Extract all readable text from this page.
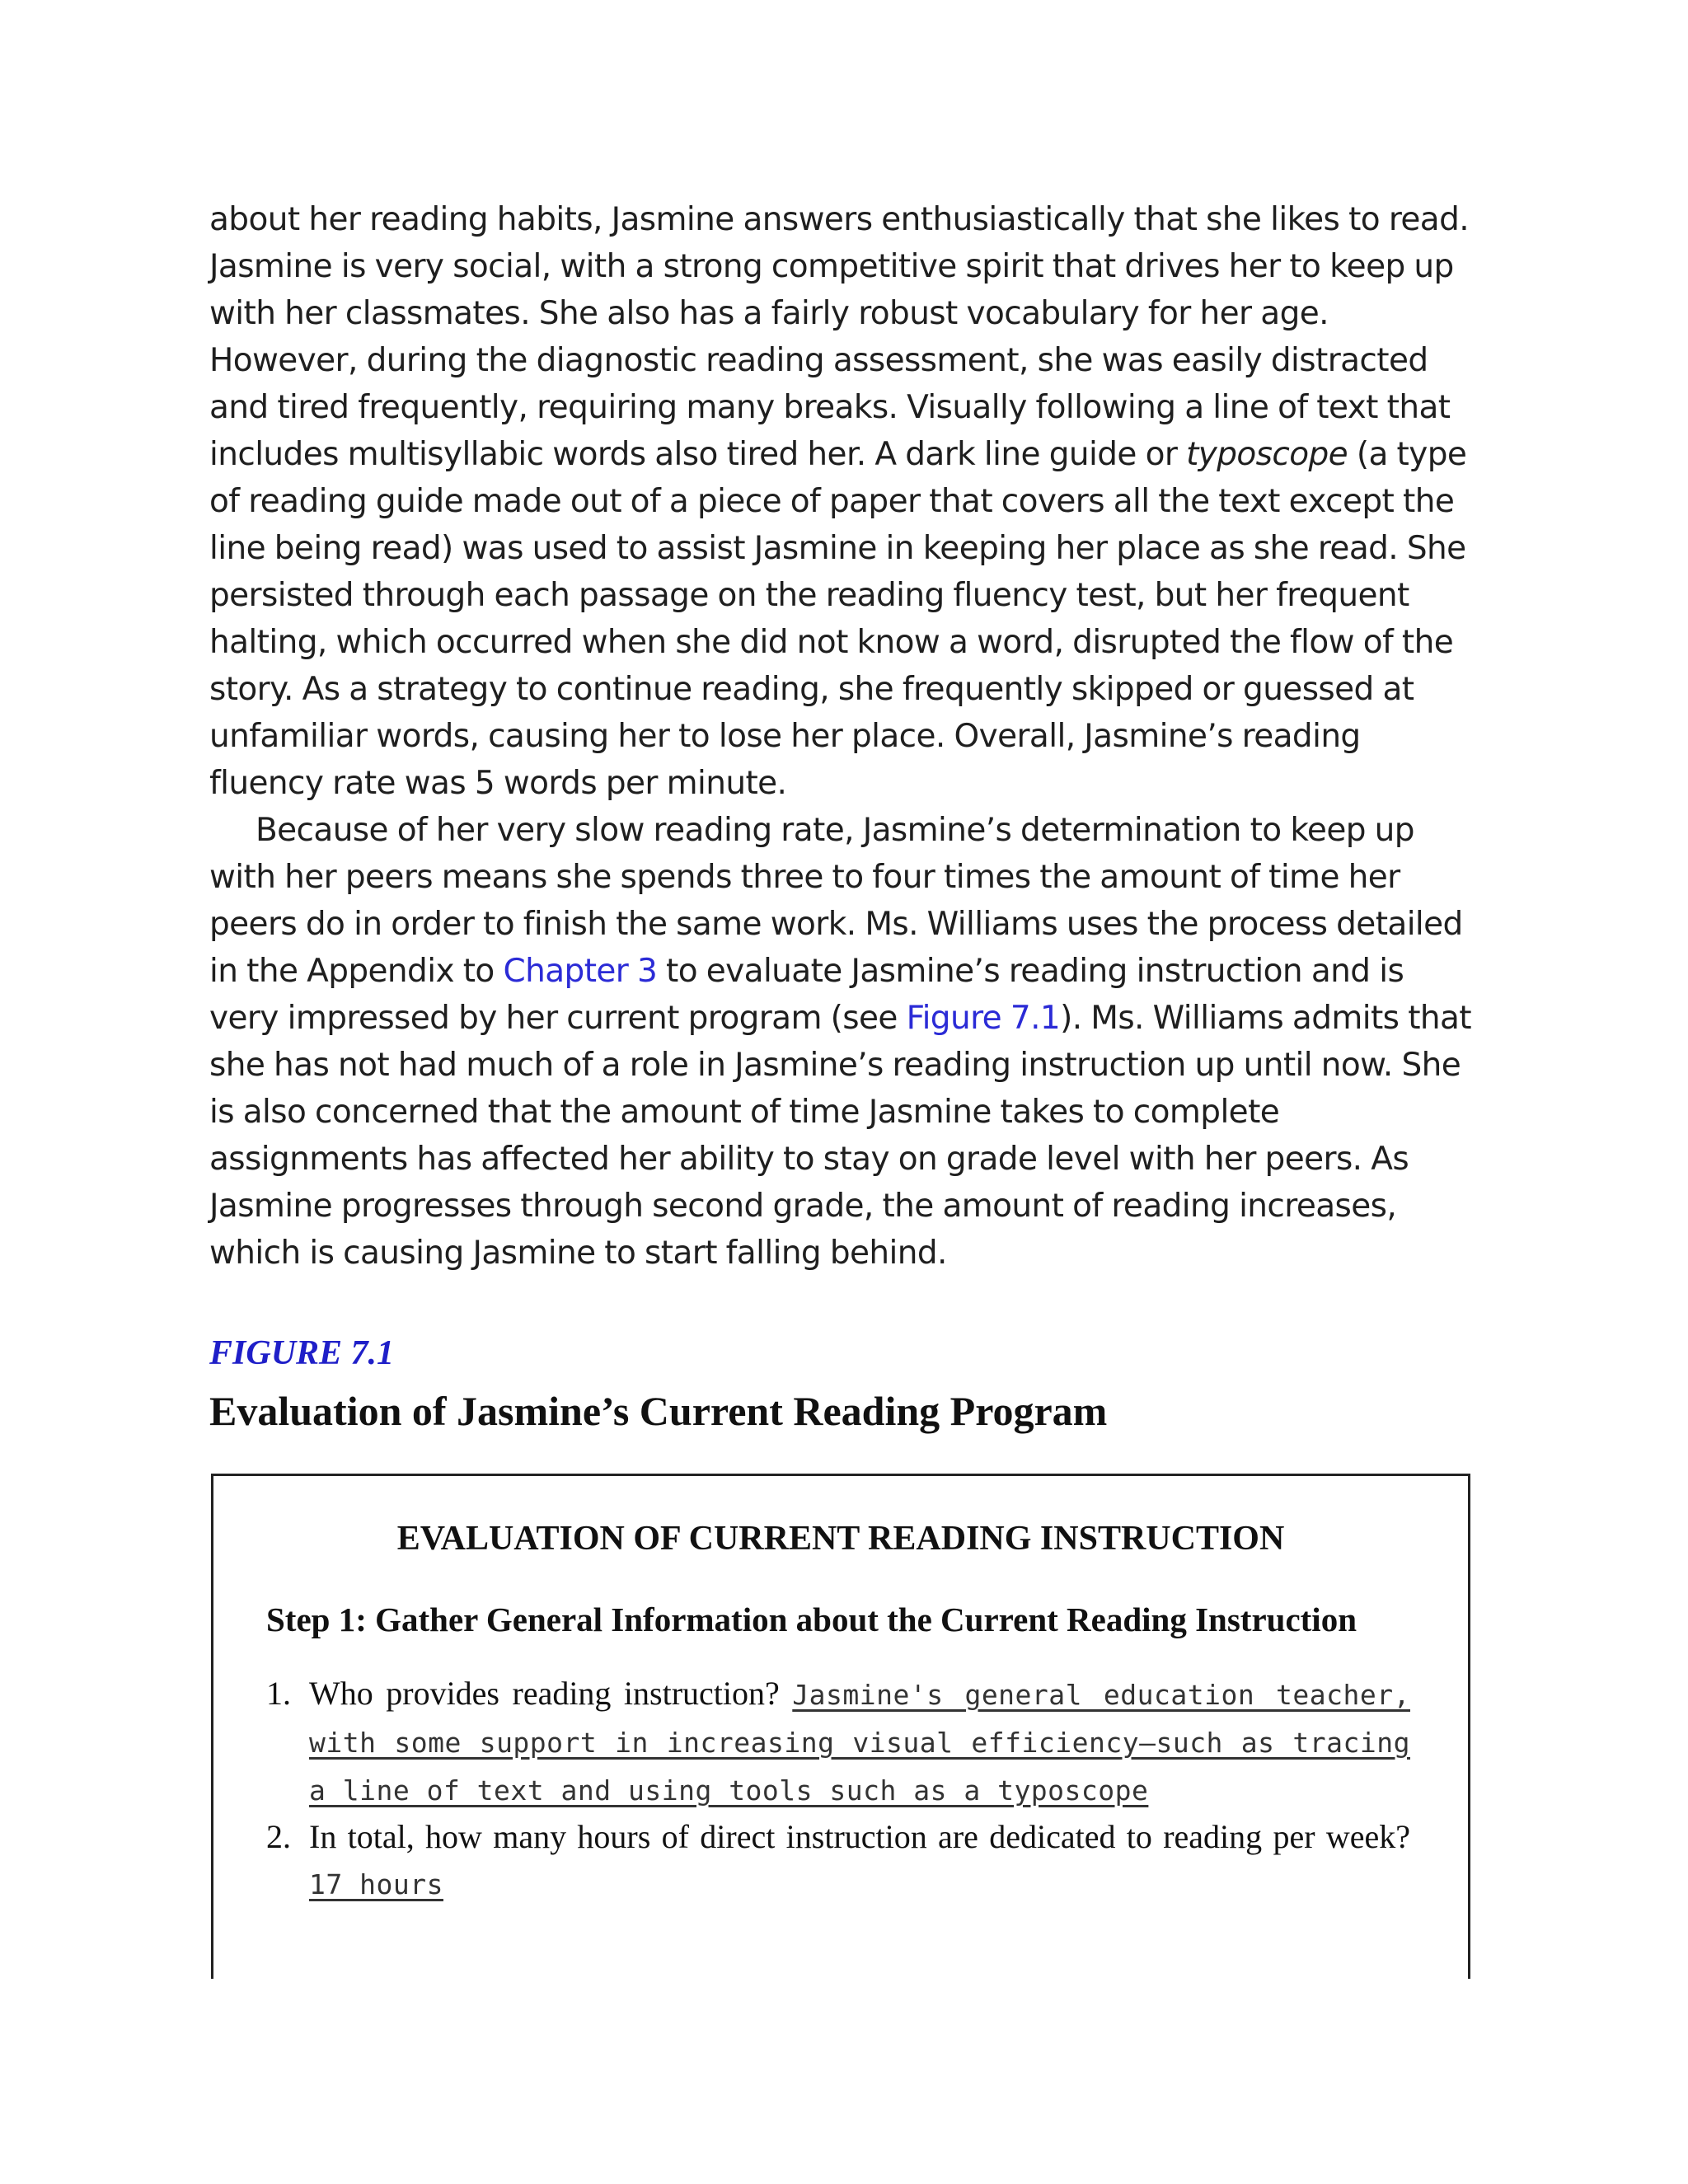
about her reading habits, Jasmine answers enthusiastically that she likes to read. Jasmine is very social, with a strong competitive spirit that drives her to keep up with her classmates. She also has a fairly robust vocabulary for her age. However, during the diagnostic reading assessment, she was easily distracted and tired frequently, requiring many breaks. Visually following a line of text that includes multisyllabic words also tired her. A dark line guide or typoscope (a type of reading guide made out of a piece of paper that covers all the text except the line being read) was used to assist Jasmine in keeping her place as she read. She persisted through each passage on the reading fluency test, but her frequent halting, which occurred when she did not know a word, disrupted the flow of the story. As a strategy to continue reading, she frequently skipped or guessed at unfamiliar words, causing her to lose her place. Overall, Jasmine’s reading fluency rate was 5 words per minute.

Because of her very slow reading rate, Jasmine’s determination to keep up with her peers means she spends three to four times the amount of time her peers do in order to finish the same work. Ms. Williams uses the process detailed in the Appendix to Chapter 3 to evaluate Jasmine’s reading instruction and is very impressed by her current program (see Figure 7.1). Ms. Williams admits that she has not had much of a role in Jasmine’s reading instruction up until now. She is also concerned that the amount of time Jasmine takes to complete assignments has affected her ability to stay on grade level with her peers. As Jasmine progresses through second grade, the amount of reading increases, which is causing Jasmine to start falling behind.

FIGURE 7.1
Evaluation of Jasmine’s Current Reading Program
EVALUATION OF CURRENT READING INSTRUCTION
Step 1: Gather General Information about the Current Reading Instruction
1. Who provides reading instruction? Jasmine's general education teacher, with some support in increasing visual efficiency—such as tracing a line of text and using tools such as a typoscope
2. In total, how many hours of direct instruction are dedicated to reading per week? 17 hours
